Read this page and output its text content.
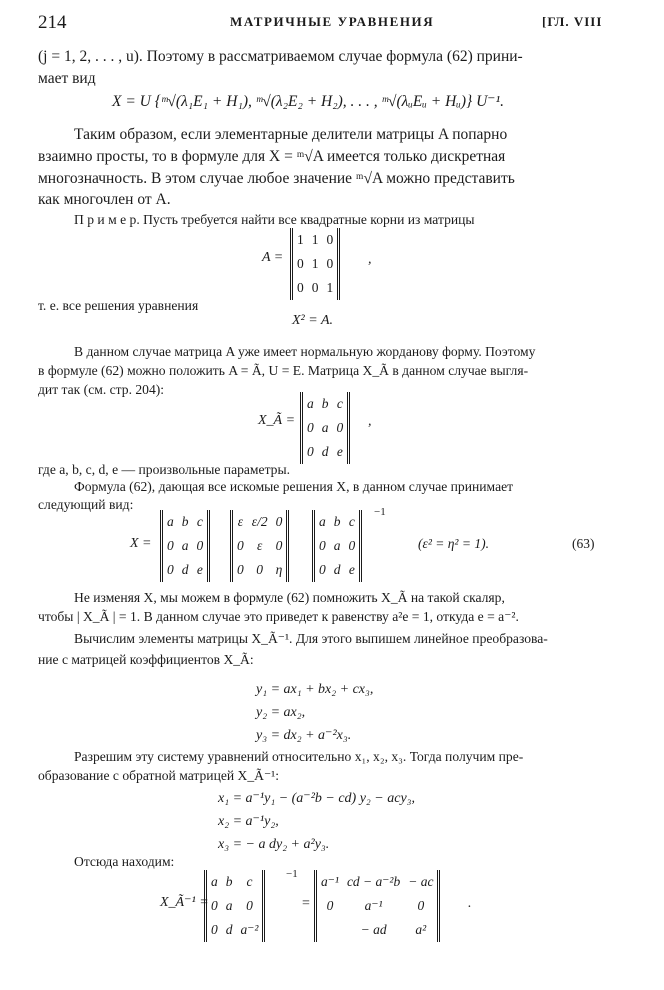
214	МАТРИЧНЫЕ УРАВНЕНИЯ	[ГЛ. VIII
(j = 1, 2, . . . , u). Поэтому в рассматриваемом случае формула (62) прини-
мает вид
X = U {ᵐ√(λ₁E₁ + H₁), ᵐ√(λ₂E₂ + H₂), . . . , ᵐ√(λᵤEᵤ + Hᵤ)} U⁻¹.
Таким образом, если элементарные делители матрицы A попарно
взаимно просты, то в формуле для X = ᵐ√A имеется только дискретная
многозначность. В этом случае любое значение ᵐ√A можно представить
как многочлен от A.
П р и м е р. Пусть требуется найти все квадратные корни из матрицы
A =
1	1	0
0	1	0
0	0	1
,
т. е. все решения уравнения
X² = A.
В данном случае матрица A уже имеет нормальную жорданову форму. Поэтому
в формуле (62) можно положить A = Ã, U = E. Матрица X_Ã в данном случае выгля-
дит так (см. стр. 204):
X_Ã =
a	b	c
0	a	0
0	d	e
,
где a, b, c, d, e — произвольные параметры.
Формула (62), дающая все искомые решения X, в данном случае принимает
следующий вид:
X =
a	b	c
0	a	0
0	d	e
ε	ε/2	0
0	ε	0
0	0	η
a	b	c
0	a	0
0	d	e
−1
(ε² = η² = 1).	(63)
Не изменяя X, мы можем в формуле (62) помножить X_Ã на такой скаляр,
чтобы | X_Ã | = 1. В данном случае это приведет к равенству a²e = 1, откуда e = a⁻².
Вычислим элементы матрицы X_Ã⁻¹. Для этого выпишем линейное преобразова-
ние с матрицей коэффициентов X_Ã:
y₁ = ax₁ + bx₂ + cx₃,
y₂ = ax₂,
y₃ = dx₂ + a⁻²x₃.
Разрешим эту систему уравнений относительно x₁, x₂, x₃. Тогда получим пре-
образование с обратной матрицей X_Ã⁻¹:
x₁ = a⁻¹y₁ − (a⁻²b − cd) y₂ − acy₃,
x₂ = a⁻¹y₂,
x₃ = − a dy₂ + a²y₃.
Отсюда находим:
X_Ã⁻¹ =
a	b	c
0	a	0
0	d	a⁻²
−1
=
a⁻¹	cd − a⁻²b	− ac
0	a⁻¹	0
	− ad	a²
.
